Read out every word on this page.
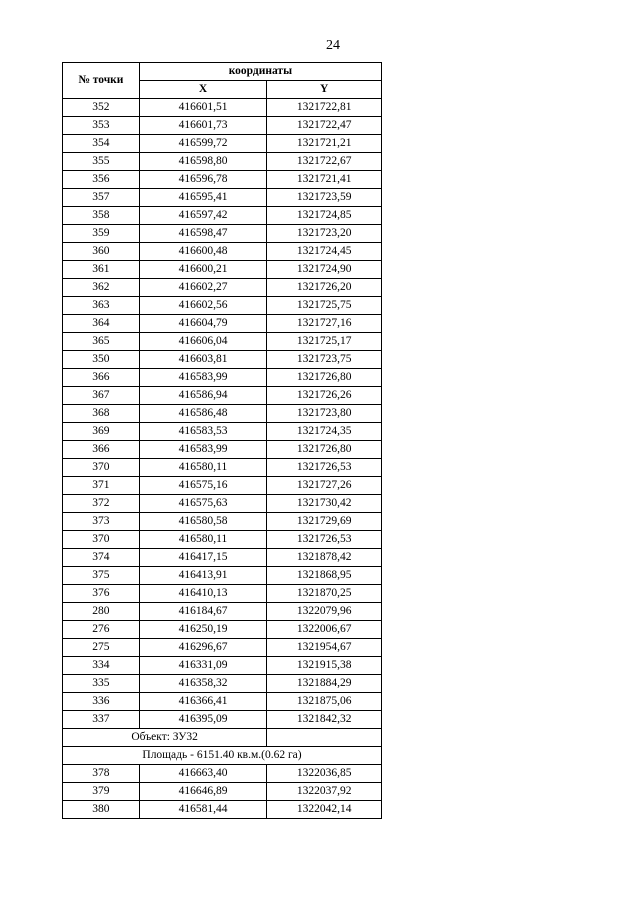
24
№ точки	координаты	
	X	Y
352	416601,51	1321722,81
353	416601,73	1321722,47
354	416599,72	1321721,21
355	416598,80	1321722,67
356	416596,78	1321721,41
357	416595,41	1321723,59
358	416597,42	1321724,85
359	416598,47	1321723,20
360	416600,48	1321724,45
361	416600,21	1321724,90
362	416602,27	1321726,20
363	416602,56	1321725,75
364	416604,79	1321727,16
365	416606,04	1321725,17
350	416603,81	1321723,75
366	416583,99	1321726,80
367	416586,94	1321726,26
368	416586,48	1321723,80
369	416583,53	1321724,35
366	416583,99	1321726,80
370	416580,11	1321726,53
371	416575,16	1321727,26
372	416575,63	1321730,42
373	416580,58	1321729,69
370	416580,11	1321726,53
374	416417,15	1321878,42
375	416413,91	1321868,95
376	416410,13	1321870,25
280	416184,67	1322079,96
276	416250,19	1322006,67
275	416296,67	1321954,67
334	416331,09	1321915,38
335	416358,32	1321884,29
336	416366,41	1321875,06
337	416395,09	1321842,32
Объект: ЗУ32		
Площадь - 6151.40 кв.м.(0.62 га)		
378	416663,40	1322036,85
379	416646,89	1322037,92
380	416581,44	1322042,14
